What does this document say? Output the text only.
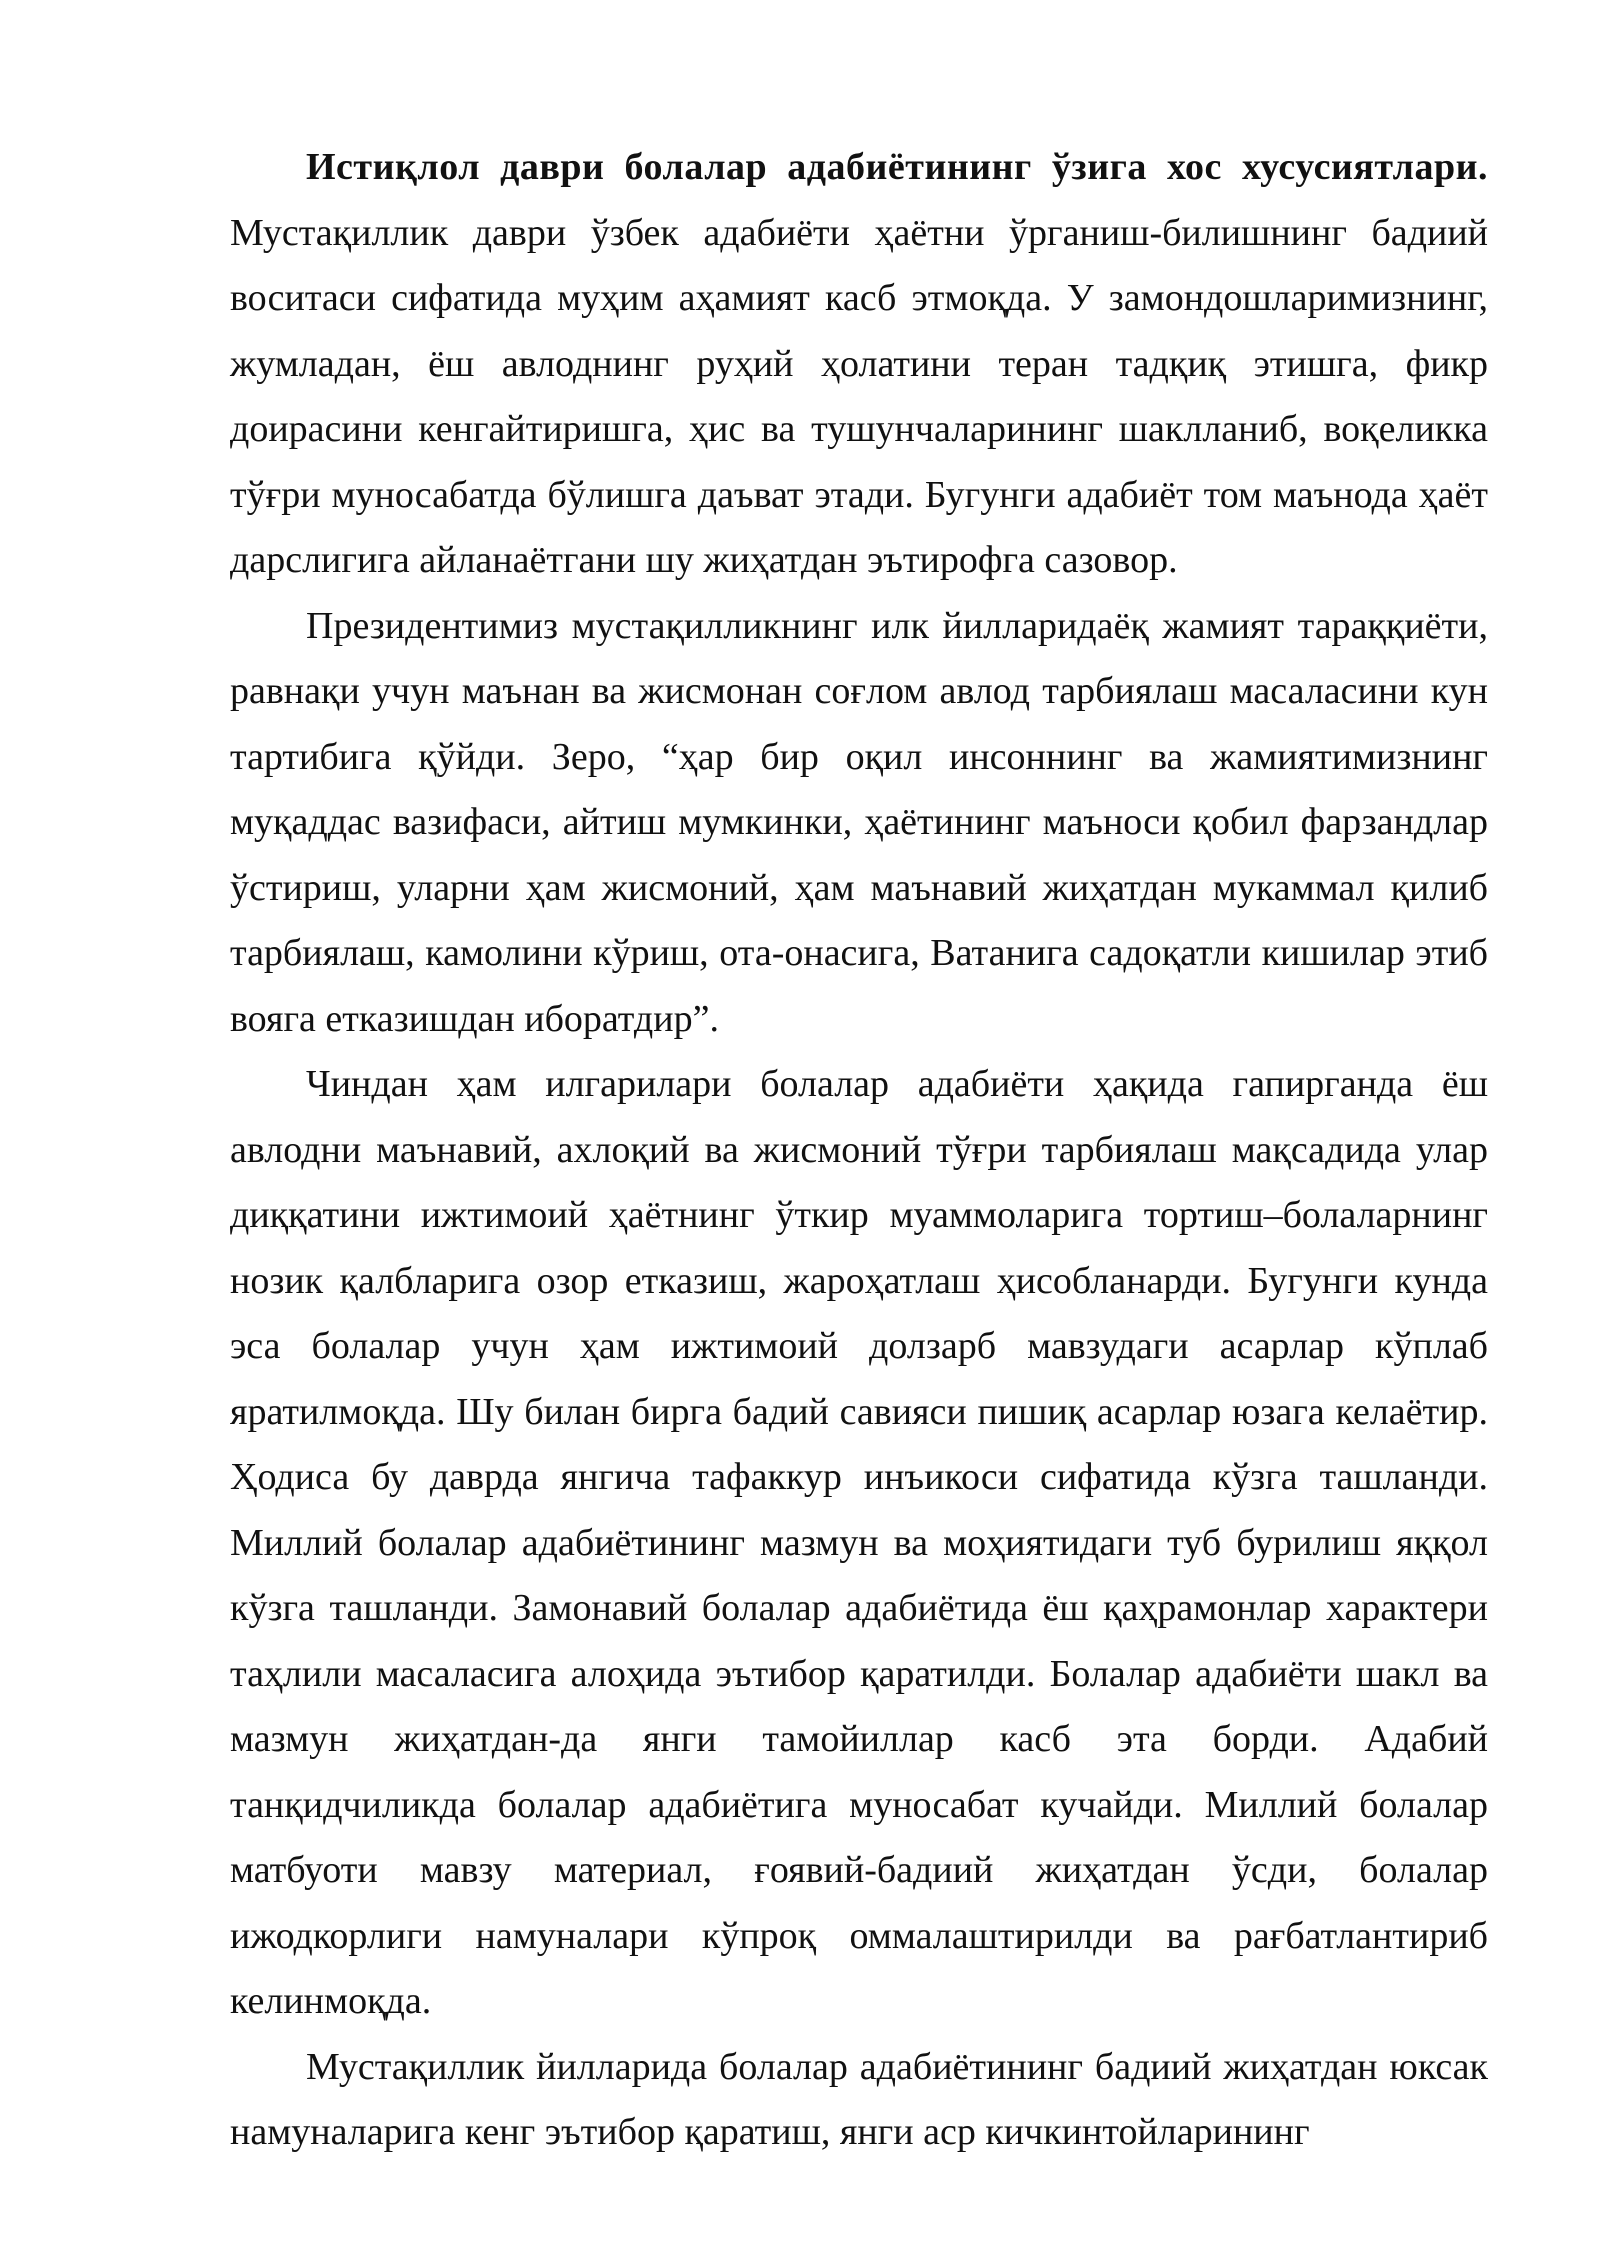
Истиқлол даври болалар адабиётининг ўзига хос хусусиятлари. Мустақиллик даври ўзбек адабиёти ҳаётни ўрганиш-билишнинг бадиий воситаси сифатида муҳим аҳамият касб этмоқда. У замондошларимизнинг, жумладан, ёш авлоднинг руҳий ҳолатини теран тадқиқ этишга, фикр доирасини кенгайтиришга, ҳис ва тушунчаларининг шаклланиб, воқеликка тўғри муносабатда бўлишга даъват этади. Бугунги адабиёт том маънода ҳаёт дарслигига айланаётгани шу жиҳатдан эътирофга сазовор.

Президентимиз мустақилликнинг илк йилларидаёқ жамият тараққиёти, равнақи учун маънан ва жисмонан соғлом авлод тарбиялаш масаласини кун тартибига қўйди. Зеро, “ҳар бир оқил инсоннинг ва жамиятимизнинг муқаддас вазифаси, айтиш мумкинки, ҳаётининг маъноси қобил фарзандлар ўстириш, уларни ҳам жисмоний, ҳам маънавий жиҳатдан мукаммал қилиб тарбиялаш, камолини кўриш, ота-онасига, Ватанига садоқатли кишилар этиб вояга етказишдан иборатдир”.

Чиндан ҳам илгарилари болалар адабиёти ҳақида гапирганда ёш авлодни маънавий, ахлоқий ва жисмоний тўғри тарбиялаш мақсадида улар диққатини ижтимоий ҳаётнинг ўткир муаммоларига тортиш–болаларнинг нозик қалбларига озор етказиш, жароҳатлаш ҳисобланарди. Бугунги кунда эса болалар учун ҳам ижтимоий долзарб мавзудаги асарлар кўплаб яратилмоқда. Шу билан бирга бадий савияси пишиқ асарлар юзага келаётир. Ҳодиса бу даврда янгича тафаккур инъикоси сифатида кўзга ташланди. Миллий болалар адабиётининг мазмун ва моҳиятидаги туб бурилиш яққол кўзга ташланди. Замонавий болалар адабиётида ёш қаҳрамонлар характери таҳлили масаласига алоҳида эътибор қаратилди. Болалар адабиёти шакл ва мазмун жиҳатдан-да янги тамойиллар касб эта борди. Адабий танқидчиликда болалар адабиётига муносабат кучайди. Миллий болалар матбуоти мавзу материал, ғоявий-бадиий жиҳатдан ўсди, болалар ижодкорлиги намуналари кўпроқ оммалаштирилди ва рағбатлантириб келинмоқда.

Мустақиллик йилларида болалар адабиётининг бадиий жиҳатдан юксак намуналарига кенг эътибор қаратиш, янги аср кичкинтойларининг
